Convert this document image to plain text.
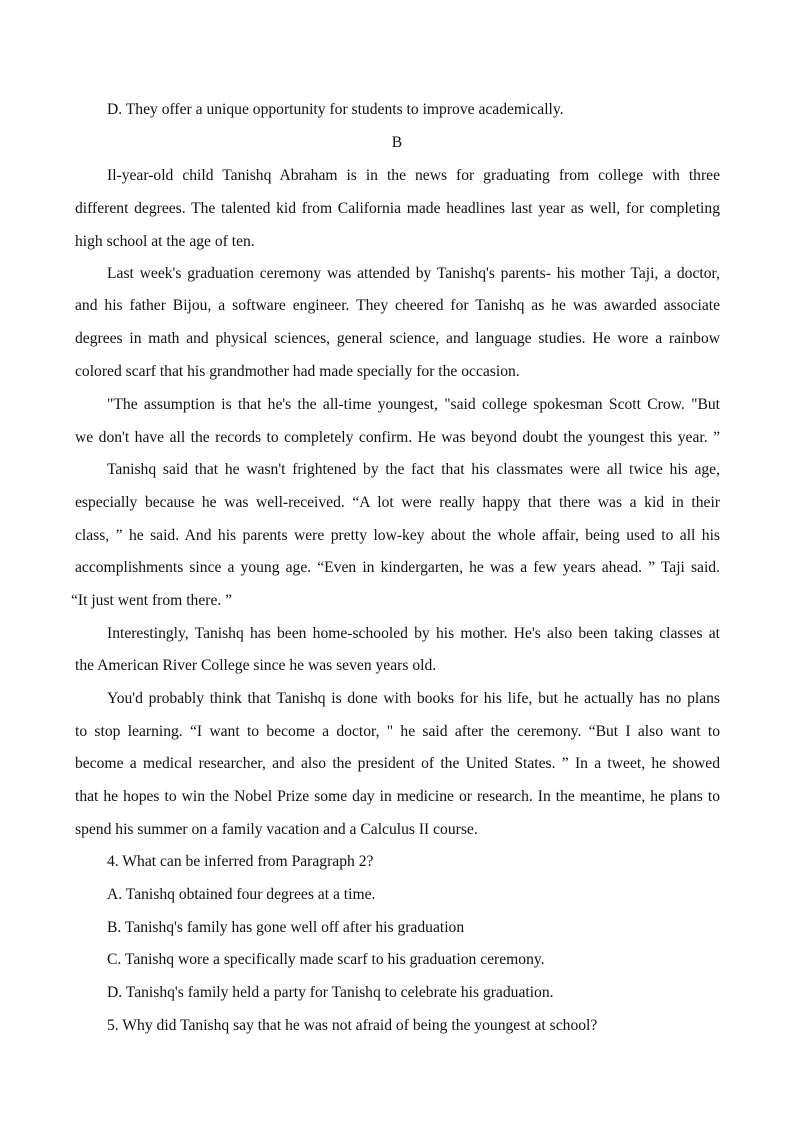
D. They offer a unique opportunity for students to improve academically.
B
Il-year-old child Tanishq Abraham is in the news for graduating from college with three
different degrees. The talented kid from California made headlines last year as well, for completing
high school at the age of ten.
Last week's graduation ceremony was attended by Tanishq's parents- his mother Taji, a doctor,
and his father Bijou, a software engineer. They cheered for Tanishq as he was awarded associate
degrees in math and physical sciences, general science, and language studies. He wore a rainbow
colored scarf that his grandmother had made specially for the occasion.
"The assumption is that he's the all-time youngest, "said college spokesman Scott Crow. "But
we don't have all the records to completely confirm. He was beyond doubt the youngest this year. ”
Tanishq said that he wasn't frightened by the fact that his classmates were all twice his age,
especially because he was well-received. “A lot were really happy that there was a kid in their
class, ” he said. And his parents were pretty low-key about the whole affair, being used to all his
accomplishments since a young age. “Even in kindergarten, he was a few years ahead. ” Taji said.
“It just went from there. ”
Interestingly, Tanishq has been home-schooled by his mother. He's also been taking classes at
the American River College since he was seven years old.
You'd probably think that Tanishq is done with books for his life, but he actually has no plans
to stop learning. “I want to become a doctor, " he said after the ceremony. “But I also want to
become a medical researcher, and also the president of the United States. ” In a tweet, he showed
that he hopes to win the Nobel Prize some day in medicine or research. In the meantime, he plans to
spend his summer on a family vacation and a Calculus II course.
4. What can be inferred from Paragraph 2?
A. Tanishq obtained four degrees at a time.
B. Tanishq's family has gone well off after his graduation
C. Tanishq wore a specifically made scarf to his graduation ceremony.
D. Tanishq's family held a party for Tanishq to celebrate his graduation.
5. Why did Tanishq say that he was not afraid of being the youngest at school?
